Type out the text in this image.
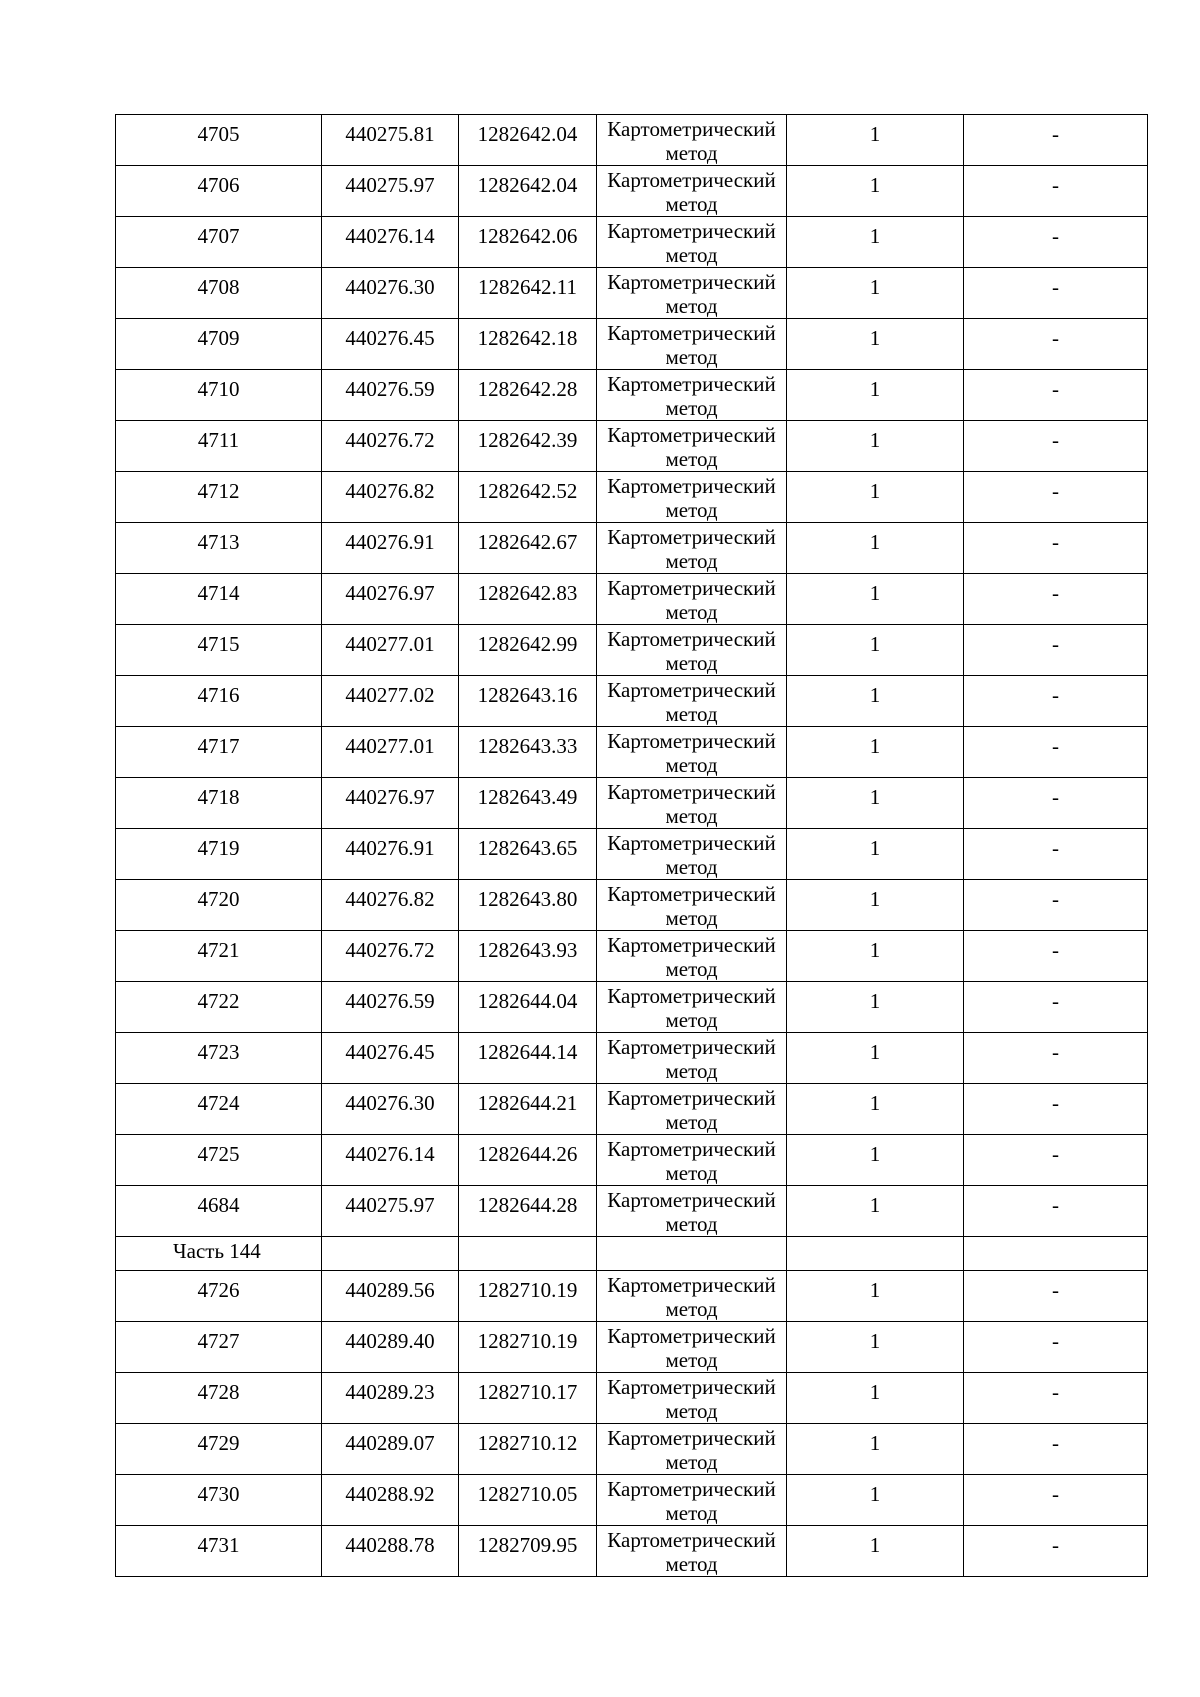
4705	440275.81	1282642.04	Картометрический
метод	1	-
4706	440275.97	1282642.04	Картометрический
метод	1	-
4707	440276.14	1282642.06	Картометрический
метод	1	-
4708	440276.30	1282642.11	Картометрический
метод	1	-
4709	440276.45	1282642.18	Картометрический
метод	1	-
4710	440276.59	1282642.28	Картометрический
метод	1	-
4711	440276.72	1282642.39	Картометрический
метод	1	-
4712	440276.82	1282642.52	Картометрический
метод	1	-
4713	440276.91	1282642.67	Картометрический
метод	1	-
4714	440276.97	1282642.83	Картометрический
метод	1	-
4715	440277.01	1282642.99	Картометрический
метод	1	-
4716	440277.02	1282643.16	Картометрический
метод	1	-
4717	440277.01	1282643.33	Картометрический
метод	1	-
4718	440276.97	1282643.49	Картометрический
метод	1	-
4719	440276.91	1282643.65	Картометрический
метод	1	-
4720	440276.82	1282643.80	Картометрический
метод	1	-
4721	440276.72	1282643.93	Картометрический
метод	1	-
4722	440276.59	1282644.04	Картометрический
метод	1	-
4723	440276.45	1282644.14	Картометрический
метод	1	-
4724	440276.30	1282644.21	Картометрический
метод	1	-
4725	440276.14	1282644.26	Картометрический
метод	1	-
4684	440275.97	1282644.28	Картометрический
метод	1	-
Часть 144					
4726	440289.56	1282710.19	Картометрический
метод	1	-
4727	440289.40	1282710.19	Картометрический
метод	1	-
4728	440289.23	1282710.17	Картометрический
метод	1	-
4729	440289.07	1282710.12	Картометрический
метод	1	-
4730	440288.92	1282710.05	Картометрический
метод	1	-
4731	440288.78	1282709.95	Картометрический
метод	1	-
